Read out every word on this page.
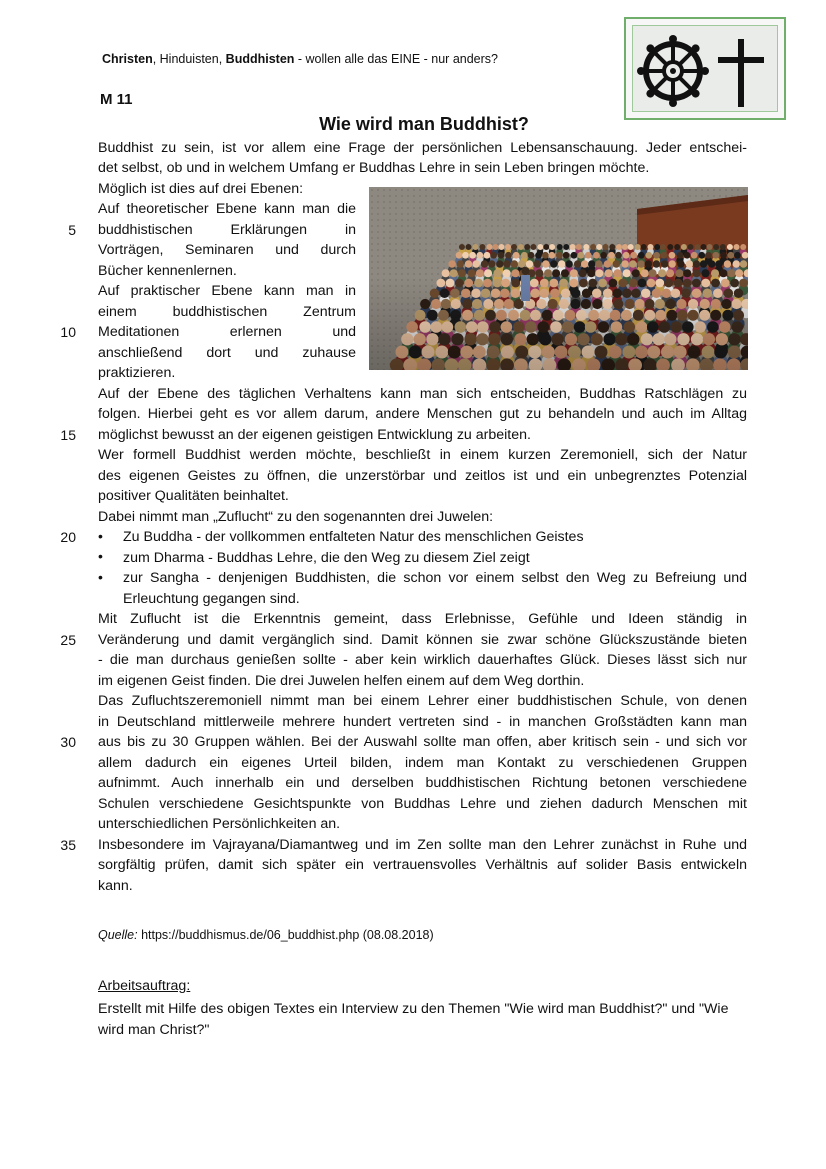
Christen, Hinduisten, Buddhisten - wollen alle das EINE - nur anders?
M 11
Wie wird man Buddhist?
Buddhist zu sein, ist vor allem eine Frage der persönlichen Lebensanschauung. Jeder entschei-
det selbst, ob und in welchem Umfang er Buddhas Lehre in sein Leben bringen möchte.
Möglich ist dies auf drei Ebenen:
Auf theoretischer Ebene kann man die
buddhistischen Erklärungen in
Vorträgen, Seminaren und durch
Bücher kennenlernen.
Auf praktischer Ebene kann man in
einem buddhistischen Zentrum
Meditationen erlernen und
anschließend dort und zuhause
praktizieren.
Auf der Ebene des täglichen Verhaltens kann man sich entscheiden, Buddhas Ratschlägen zu
folgen. Hierbei geht es vor allem darum, andere Menschen gut zu behandeln und auch im Alltag
möglichst bewusst an der eigenen geistigen Entwicklung zu arbeiten.
Wer formell Buddhist werden möchte, beschließt in einem kurzen Zeremoniell, sich der Natur
des eigenen Geistes zu öffnen, die unzerstörbar und zeitlos ist und ein unbegrenztes Potenzial
positiver Qualitäten beinhaltet.
Dabei nimmt man „Zuflucht“ zu den sogenannten drei Juwelen:
Zu Buddha - der vollkommen entfalteten Natur des menschlichen Geistes
zum Dharma - Buddhas Lehre, die den Weg zu diesem Ziel zeigt
zur Sangha - denjenigen Buddhisten, die schon vor einem selbst den Weg zu Befreiung und
Erleuchtung gegangen sind.
Mit Zuflucht ist die Erkenntnis gemeint, dass Erlebnisse, Gefühle und Ideen ständig in
Veränderung und damit vergänglich sind. Damit können sie zwar schöne Glückszustände bieten
- die man durchaus genießen sollte - aber kein wirklich dauerhaftes Glück. Dieses lässt sich nur
im eigenen Geist finden. Die drei Juwelen helfen einem auf dem Weg dorthin.
Das Zufluchtszeremoniell nimmt man bei einem Lehrer einer buddhistischen Schule, von denen
in Deutschland mittlerweile mehrere hundert vertreten sind - in manchen Großstädten kann man
aus bis zu 30 Gruppen wählen. Bei der Auswahl sollte man offen, aber kritisch sein - und sich vor
allem dadurch ein eigenes Urteil bilden, indem man Kontakt zu verschiedenen Gruppen
aufnimmt. Auch innerhalb ein und derselben buddhistischen Richtung betonen verschiedene
Schulen verschiedene Gesichtspunkte von Buddhas Lehre und ziehen dadurch Menschen mit
unterschiedlichen Persönlichkeiten an.
Insbesondere im Vajrayana/Diamantweg und im Zen sollte man den Lehrer zunächst in Ruhe und
sorgfältig prüfen, damit sich später ein vertrauensvolles Verhältnis auf solider Basis entwickeln
kann.
5
10
15
20
25
30
35
•
•
•
Quelle: https://buddhismus.de/06_buddhist.php (08.08.2018)
Arbeitsauftrag:
Erstellt mit Hilfe des obigen Textes ein Interview zu den Themen "Wie wird man Buddhist?" und "Wie wird man Christ?"
